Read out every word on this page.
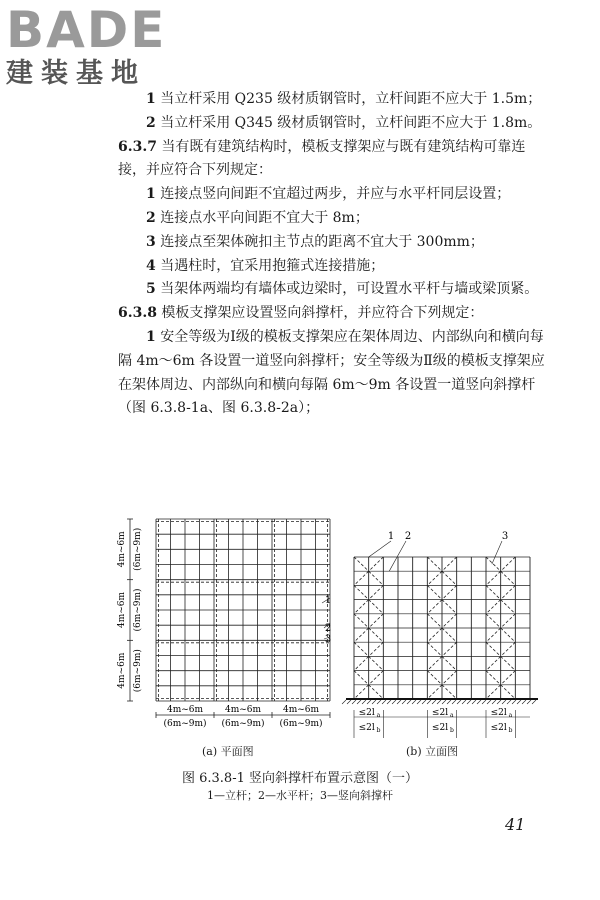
BADE
建装基地

1 当立杆采用 Q235 级材质钢管时，立杆间距不应大于 1.5m；

2 当立杆采用 Q345 级材质钢管时，立杆间距不应大于 1.8m。

6.3.7 当有既有建筑结构时，模板支撑架应与既有建筑结构可靠连接，并应符合下列规定：

1 连接点竖向间距不宜超过两步，并应与水平杆同层设置；

2 连接点水平向间距不宜大于 8m；

3 连接点至架体碗扣主节点的距离不宜大于 300mm；

4 当遇柱时，宜采用抱箍式连接措施；

5 当架体两端均有墙体或边梁时，可设置水平杆与墙或梁顶紧。

6.3.8 模板支撑架应设置竖向斜撑杆，并应符合下列规定：

1 安全等级为Ⅰ级的模板支撑架应在架体周边、内部纵向和横向每隔 4m～6m 各设置一道竖向斜撑杆；安全等级为Ⅱ级的模板支撑架应在架体周边、内部纵向和横向每隔 6m～9m 各设置一道竖向斜撑杆（图 6.3.8-1a、图 6.3.8-2a）；

4m~6m (6m~9m)
4m~6m (6m~9m)
4m~6m (6m~9m)
4m~6m
(6m~9m)
4m~6m
(6m~9m)
4m~6m
(6m~9m)
1
2
3
1 2	3
≤2l a
≤2l b
≤2l a
≤2l b
≤2l a
≤2l b
(a) 平面图	(b) 立面图
图 6.3.8-1 竖向斜撑杆布置示意图（一）
1—立杆；2—水平杆；3—竖向斜撑杆
41
